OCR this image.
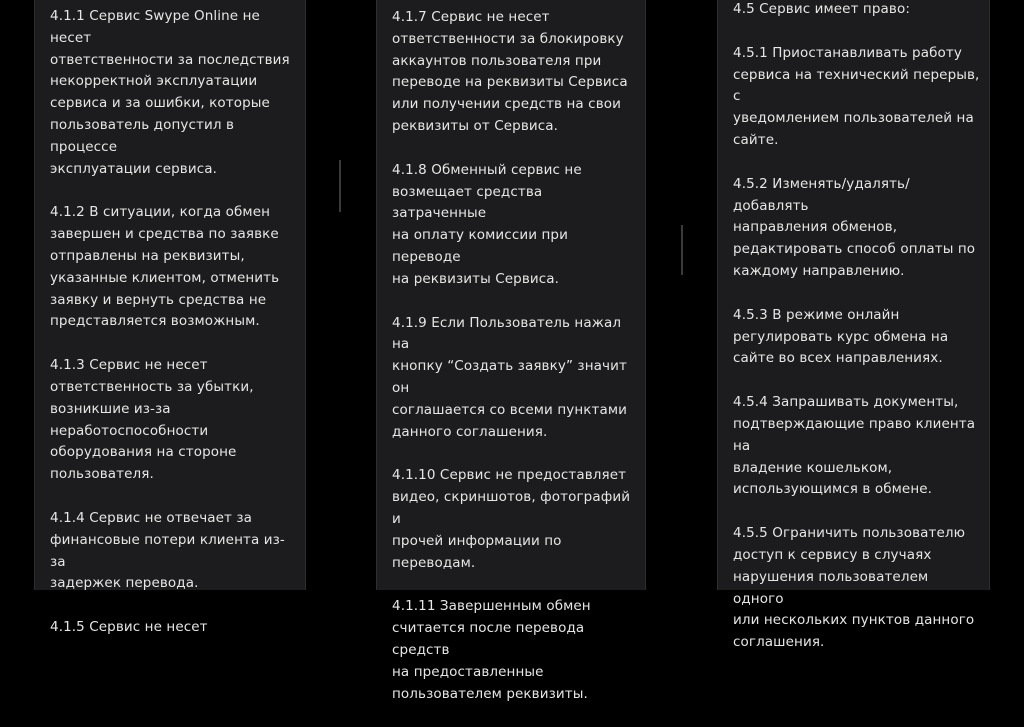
4.1.1 Сервис Swype Online не несет
ответственности за последствия
некорректной эксплуатации
сервиса и за ошибки, которые
пользователь допустил в процессе
эксплуатации сервиса.

4.1.2 В ситуации, когда обмен
завершен и средства по заявке
отправлены на реквизиты,
указанные клиентом, отменить
заявку и вернуть средства не
представляется возможным.

4.1.3 Сервис не несет
ответственность за убытки,
возникшие из-за
неработоспособности
оборудования на стороне
пользователя.

4.1.4 Сервис не отвечает за
финансовые потери клиента из-за
задержек перевода.

4.1.5 Сервис не несет

4.1.7 Сервис не несет
ответственности за блокировку
аккаунтов пользователя при
переводе на реквизиты Сервиса
или получении средств на свои
реквизиты от Сервиса.

4.1.8 Обменный сервис не
возмещает средства затраченные
на оплату комиссии при переводе
на реквизиты Сервиса.

4.1.9 Если Пользователь нажал на
кнопку “Создать заявку” значит он
соглашается со всеми пунктами
данного соглашения.

4.1.10 Сервис не предоставляет
видео, скриншотов, фотографий и
прочей информации по переводам.

4.1.11 Завершенным обмен
считается после перевода средств
на предоставленные
пользователем реквизиты.

4.5 Сервис имеет право:

4.5.1 Приостанавливать работу
сервиса на технический перерыв, с
уведомлением пользователей на
сайте.

4.5.2 Изменять/удалять/добавлять
направления обменов,
редактировать способ оплаты по
каждому направлению.

4.5.3 В режиме онлайн
регулировать курс обмена на
сайте во всех направлениях.

4.5.4 Запрашивать документы,
подтверждающие право клиента на
владение кошельком,
использующимся в обмене.

4.5.5 Ограничить пользователю
доступ к сервису в случаях
нарушения пользователем одного
или нескольких пунктов данного
соглашения.
